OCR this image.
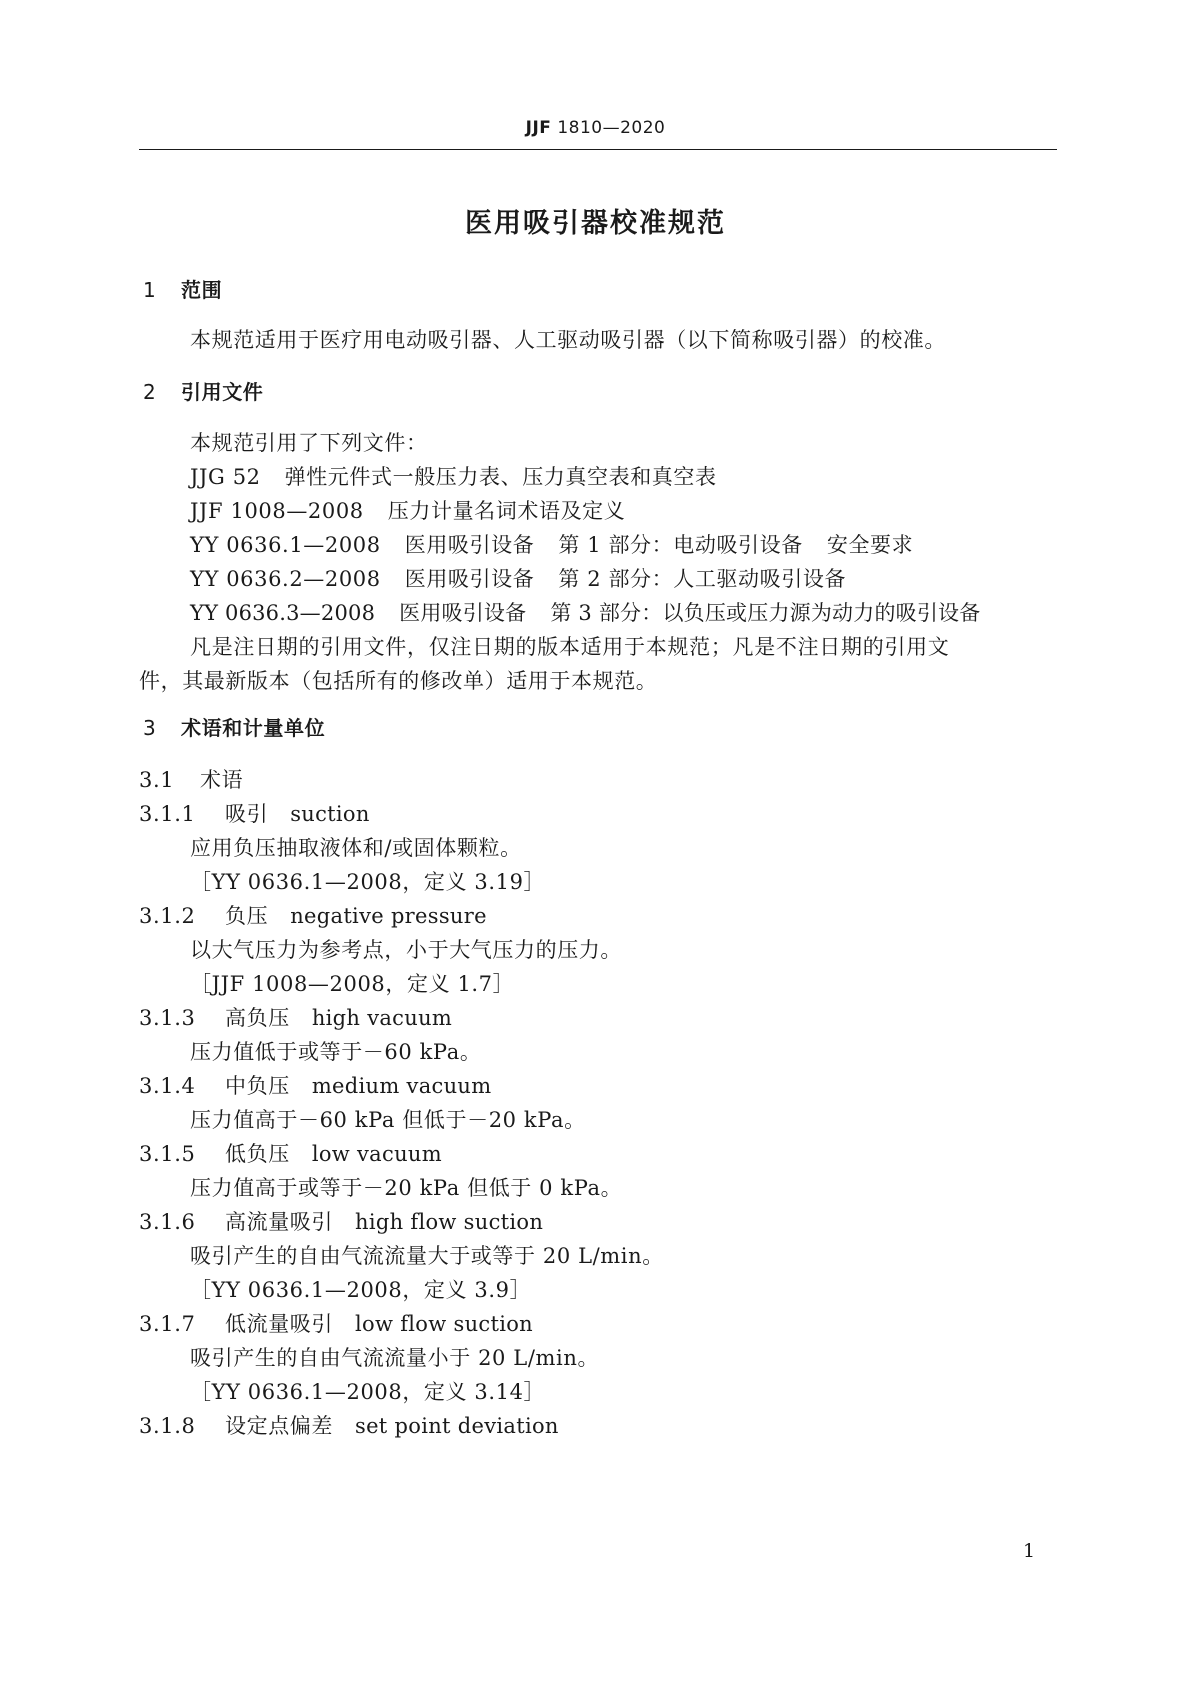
JJF 1810—2020
医用吸引器校准规范
1 范围
本规范适用于医疗用电动吸引器、人工驱动吸引器（以下简称吸引器）的校准。
2 引用文件
本规范引用了下列文件：
JJG 52 弹性元件式一般压力表、压力真空表和真空表
JJF 1008—2008 压力计量名词术语及定义
YY 0636.1—2008 医用吸引设备 第 1 部分：电动吸引设备 安全要求
YY 0636.2—2008 医用吸引设备 第 2 部分：人工驱动吸引设备
YY 0636.3—2008 医用吸引设备 第 3 部分：以负压或压力源为动力的吸引设备
凡是注日期的引用文件，仅注日期的版本适用于本规范；凡是不注日期的引用文
件，其最新版本（包括所有的修改单）适用于本规范。
3 术语和计量单位
3.1 术语
3.1.1 吸引 suction
应用负压抽取液体和/或固体颗粒。
［YY 0636.1—2008，定义 3.19］
3.1.2 负压 negative pressure
以大气压力为参考点，小于大气压力的压力。
［JJF 1008—2008，定义 1.7］
3.1.3 高负压 high vacuum
压力值低于或等于－60 kPa。
3.1.4 中负压 medium vacuum
压力值高于－60 kPa 但低于－20 kPa。
3.1.5 低负压 low vacuum
压力值高于或等于－20 kPa 但低于 0 kPa。
3.1.6 高流量吸引 high flow suction
吸引产生的自由气流流量大于或等于 20 L/min。
［YY 0636.1—2008，定义 3.9］
3.1.7 低流量吸引 low flow suction
吸引产生的自由气流流量小于 20 L/min。
［YY 0636.1—2008，定义 3.14］
3.1.8 设定点偏差 set point deviation
1
